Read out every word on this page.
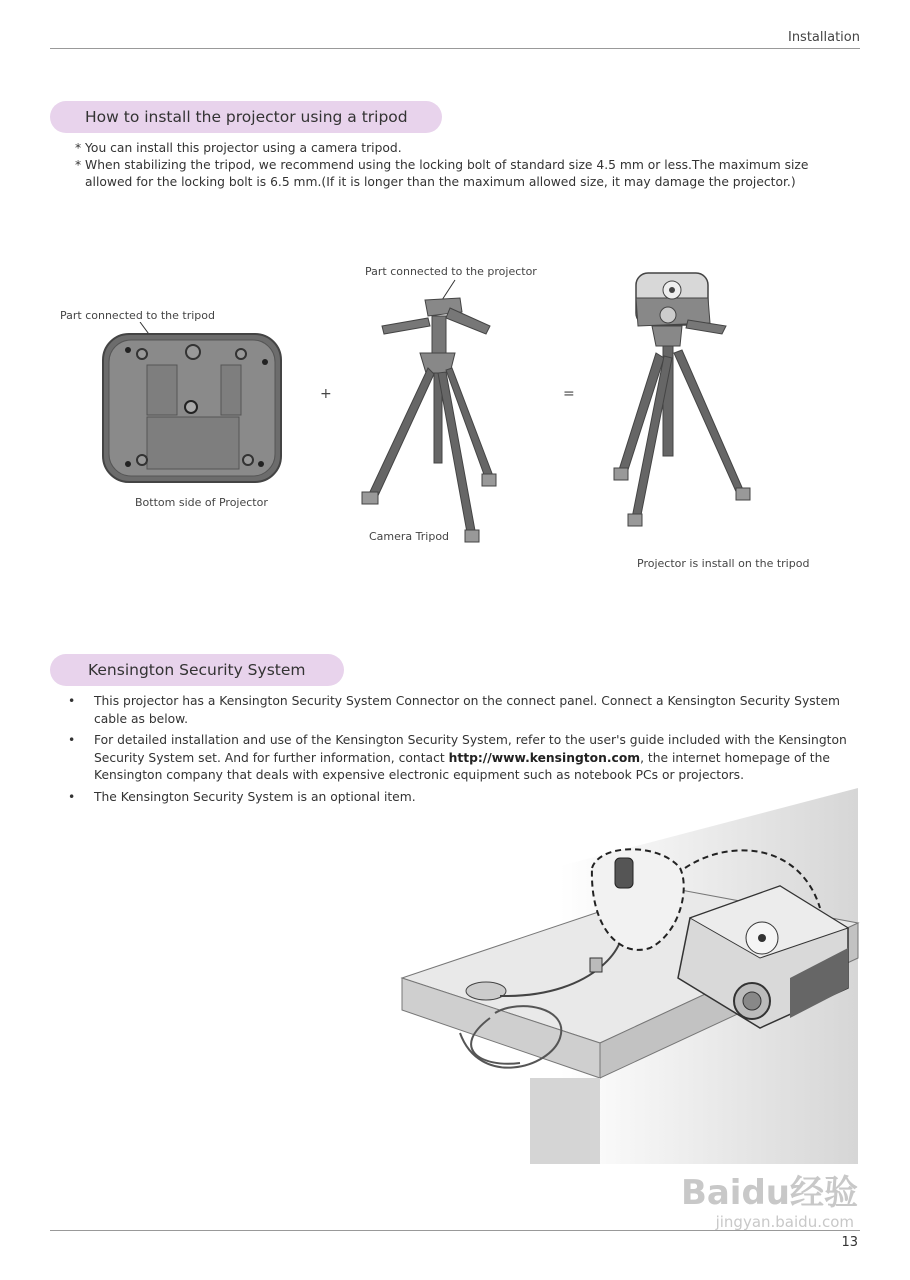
Installation
How to install the projector using a tripod
* You can install this projector using a camera tripod.
* When stabilizing the tripod, we recommend using the locking bolt of standard size 4.5 mm or less.The maximum size
allowed for the locking bolt is 6.5 mm.(If it is longer than the maximum allowed size, it may damage the projector.)
Part connected to the tripod
Bottom side of Projector
+
Part connected to the projector
Camera Tripod
=
Projector is install on the tripod
Kensington Security System
•	This projector has a Kensington Security System Connector on the connect panel. Connect a Kensington Security System cable as below.
•	For detailed installation and use of the Kensington Security System, refer to the user's guide included with the Kensington Security System set. And for further information, contact http://www.kensington.com, the internet homepage of the Kensington company that deals with expensive electronic equipment such as notebook PCs or projectors.
•	The Kensington Security System is an optional item.
Baidu经验
jingyan.baidu.com
13
